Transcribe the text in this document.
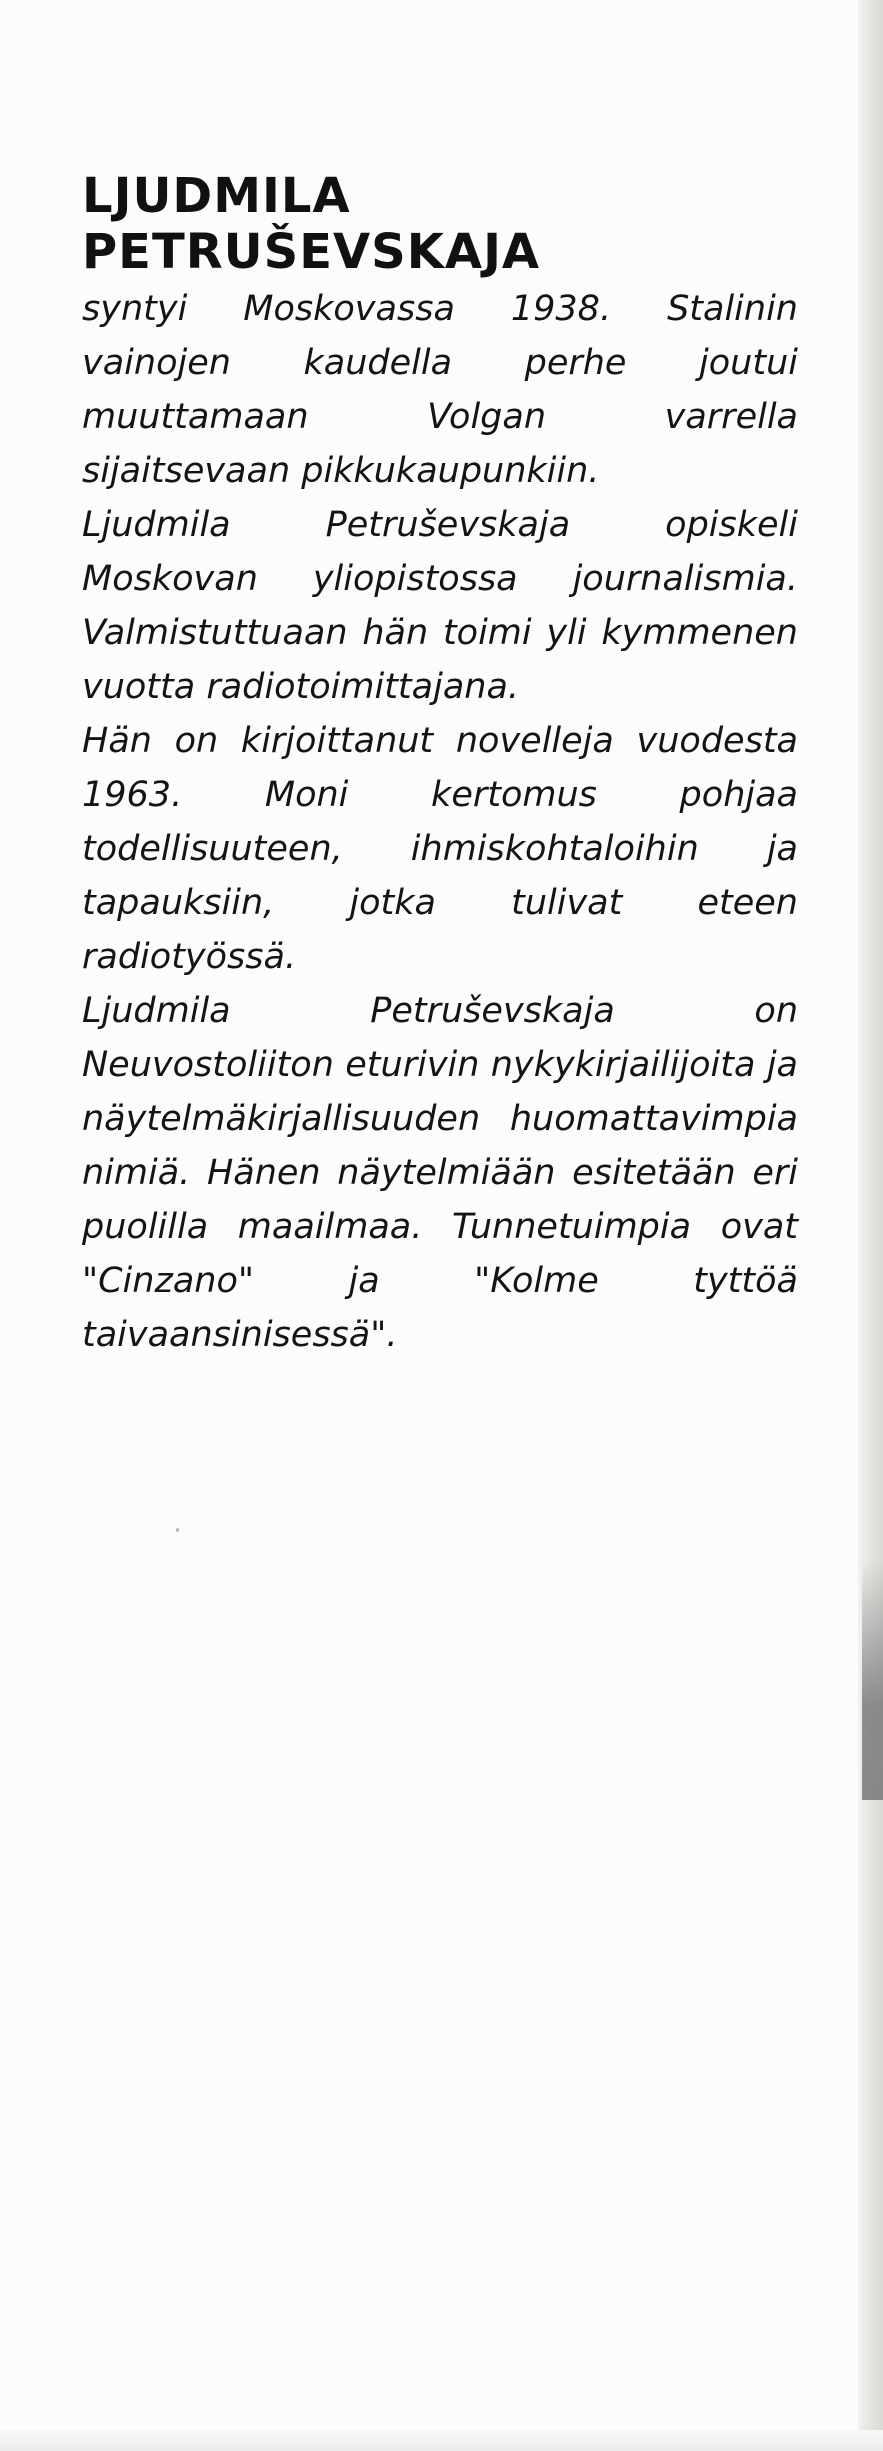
LJUDMILA
PETRUŠEVSKAJA

syntyi Moskovassa 1938. Stalinin vainojen kaudella perhe joutui muuttamaan Volgan varrella sijaitsevaan pikkukaupunkiin.

Ljudmila Petruševskaja opiskeli Moskovan yliopistossa journalismia. Valmistuttuaan hän toimi yli kymmenen vuotta radiotoimittajana.

Hän on kirjoittanut novelleja vuodesta 1963. Moni kertomus pohjaa todellisuuteen, ihmiskohtaloihin ja tapauksiin, jotka tulivat eteen radiotyössä.

Ljudmila Petruševskaja on Neuvostoliiton eturivin nykykirjailijoita ja näytelmäkirjallisuuden huomattavimpia nimiä. Hänen näytelmiään esitetään eri puolilla maailmaa. Tunnetuimpia ovat "Cinzano" ja "Kolme tyttöä taivaansinisessä".
